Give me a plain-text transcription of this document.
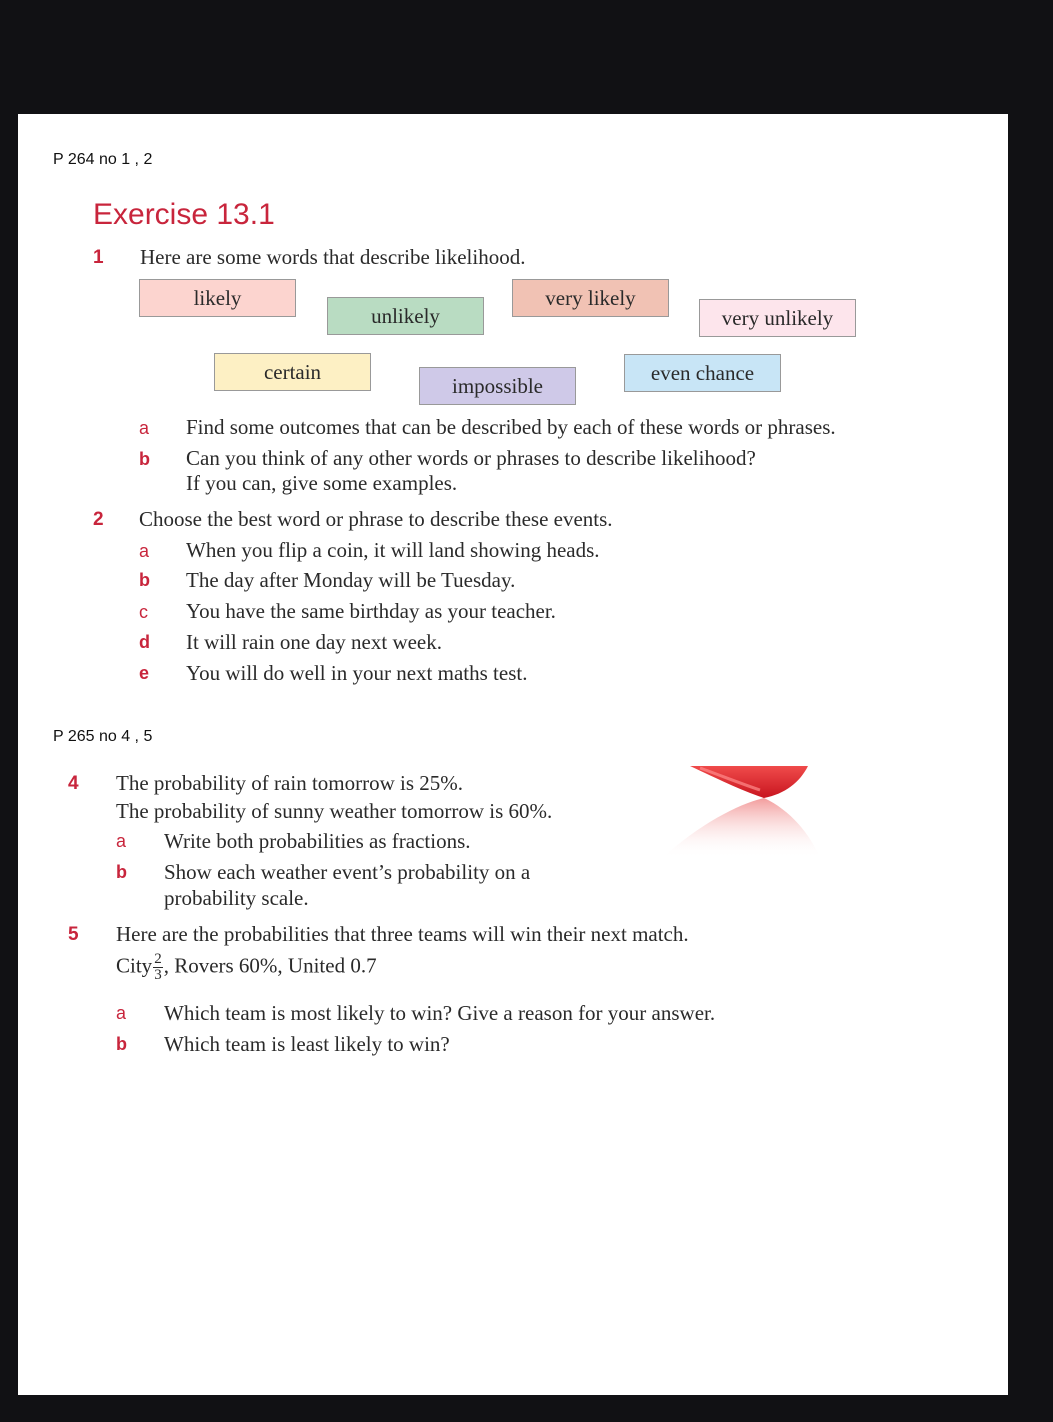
P 264 no 1 , 2
Exercise 13.1
1 Here are some words that describe likelihood.
likely
unlikely
very likely
very unlikely
certain
impossible
even chance
a Find some outcomes that can be described by each of these words or phrases.
b Can you think of any other words or phrases to describe likelihood?
If you can, give some examples.
2 Choose the best word or phrase to describe these events.
a When you flip a coin, it will land showing heads.
b The day after Monday will be Tuesday.
c You have the same birthday as your teacher.
d It will rain one day next week.
e You will do well in your next maths test.
P 265 no 4 , 5
4 The probability of rain tomorrow is 25%.
The probability of sunny weather tomorrow is 60%.
a Write both probabilities as fractions.
b Show each weather event’s probability on a
probability scale.
5 Here are the probabilities that three teams will win their next match.
City $\frac{2}{3}$ , Rovers 60%, United 0.7
a Which team is most likely to win? Give a reason for your answer.
b Which team is least likely to win?
